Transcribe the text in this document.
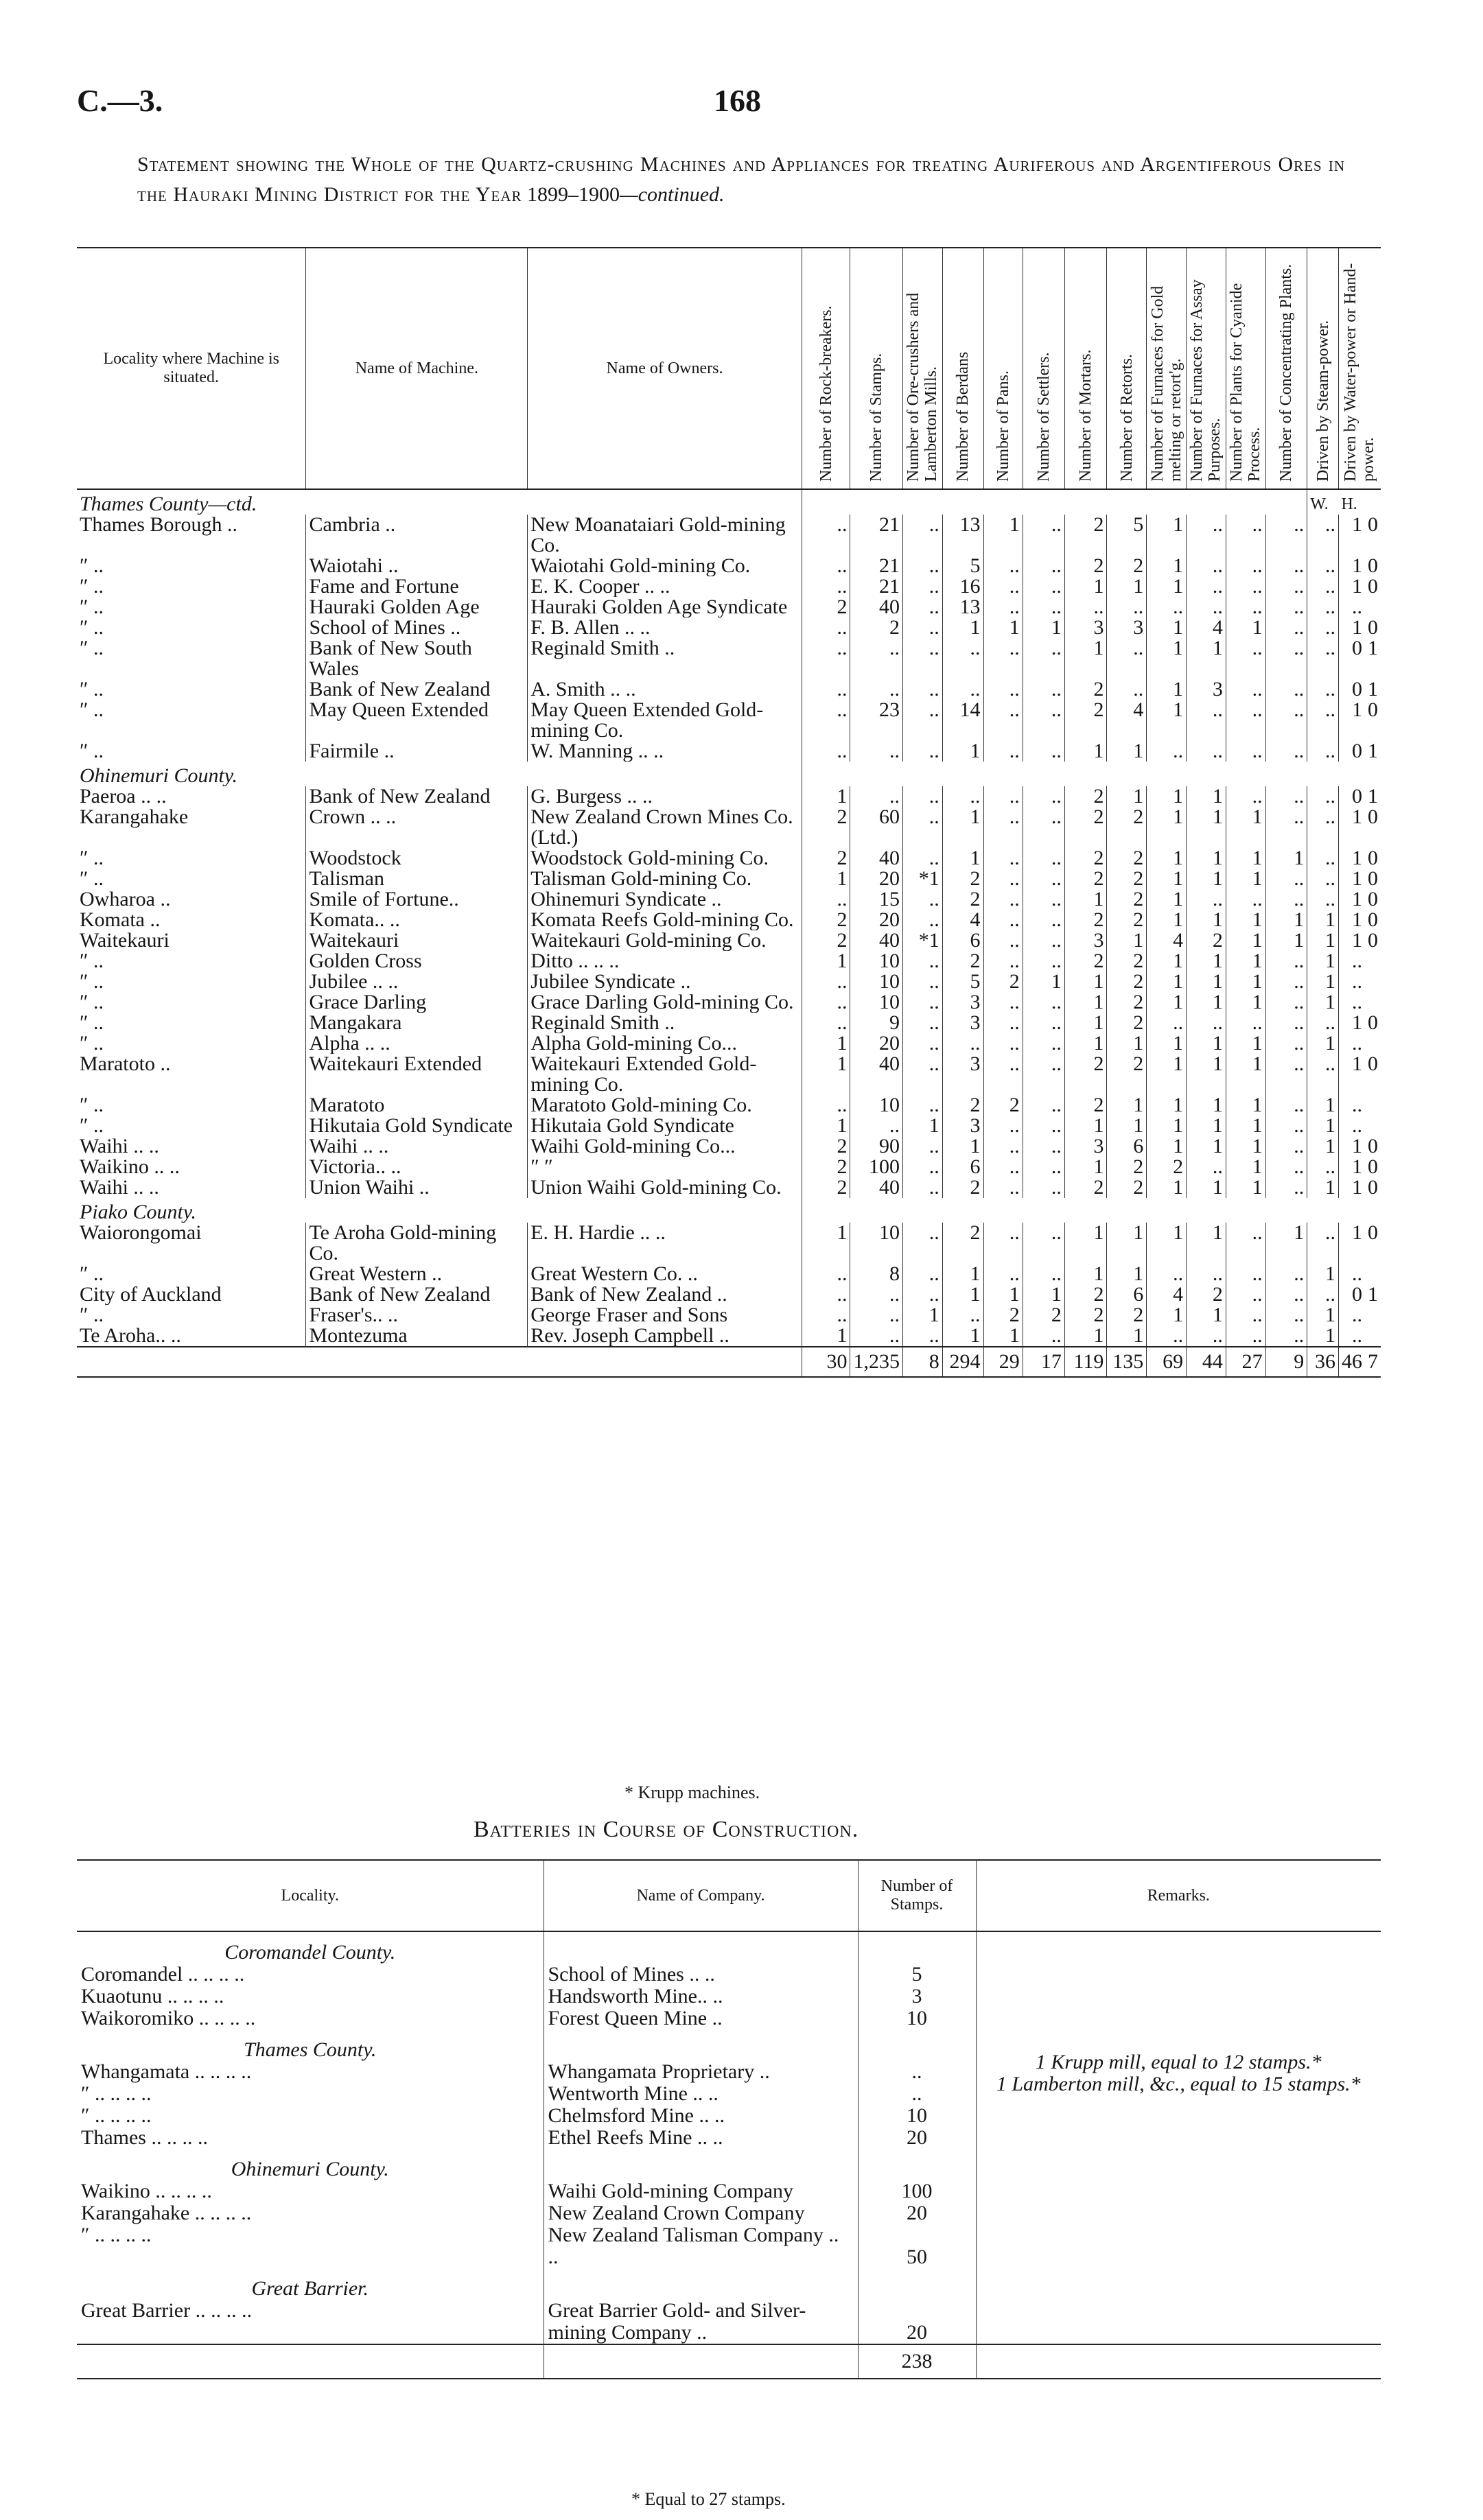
C.—3.	168
Statement showing the Whole of the Quartz-crushing Machines and Appliances for treating Auriferous and Argentiferous Ores in the Hauraki Mining District for the Year 1899–1900—continued.
Locality where Machine is situated.	Name of Machine.	Name of Owners.	Number of Rock-breakers.	Number of Stamps.	Number of Ore-crushers and Lamberton Mills.	Number of Berdans	Number of Pans.	Number of Settlers.	Number of Mortars.	Number of Retorts.	Number of Furnaces for Gold melting or retort'g.	Number of Furnaces for Assay Purposes.	Number of Plants for Cyanide Process.	Number of Concentrating Plants.	Driven by Steam-power.	Driven by Water-power or Hand-power.	

Thames County—ctd.															W.	H.	
Thames Borough ..	Cambria ..	New Moanataiari Gold-mining Co.	..	21	..	13	1	..	2	5	1	..	..	..	..	1	0
″ ..	Waiotahi ..	Waiotahi Gold-mining Co.	..	21	..	5	..	..	2	2	1	..	..	..	..	1	0
″ ..	Fame and Fortune	E. K. Cooper .. ..	..	21	..	16	..	..	1	1	1	..	..	..	..	1	0
″ ..	Hauraki Golden Age	Hauraki Golden Age Syndicate	2	40	..	13	..	..	..	..	..	..	..	..	..	..	
″ ..	School of Mines ..	F. B. Allen .. ..	..	2	..	1	1	1	3	3	1	4	1	..	..	1	0
″ ..	Bank of New South Wales	Reginald Smith ..	..	..	..	..	..	..	1	..	1	1	..	..	..	0	1
″ ..	Bank of New Zealand	A. Smith .. ..	..	..	..	..	..	..	2	..	1	3	..	..	..	0	1
″ ..	May Queen Extended	May Queen Extended Gold-mining Co.	..	23	..	14	..	..	2	4	1	..	..	..	..	1	0
″ ..	Fairmile ..	W. Manning .. ..	..	..	..	1	..	..	1	1	..	..	..	..	..	0	1
Ohinemuri County.																	
Paeroa .. ..	Bank of New Zealand	G. Burgess .. ..	1	..	..	..	..	..	2	1	1	1	..	..	..	0	1
Karangahake	Crown .. ..	New Zealand Crown Mines Co. (Ltd.)	2	60	..	1	..	..	2	2	1	1	1	..	..	1	0
″ ..	Woodstock	Woodstock Gold-mining Co.	2	40	..	1	..	..	2	2	1	1	1	1	..	1	0
″ ..	Talisman	Talisman Gold-mining Co.	1	20	*1	2	..	..	2	2	1	1	1	..	..	1	0
Owharoa ..	Smile of Fortune..	Ohinemuri Syndicate ..	..	15	..	2	..	..	1	2	1	..	..	..	..	1	0
Komata ..	Komata.. ..	Komata Reefs Gold-mining Co.	2	20	..	4	..	..	2	2	1	1	1	1	1	1	0
Waitekauri	Waitekauri	Waitekauri Gold-mining Co.	2	40	*1	6	..	..	3	1	4	2	1	1	1	1	0
″ ..	Golden Cross	Ditto .. .. ..	1	10	..	2	..	..	2	2	1	1	1	..	1	..	
″ ..	Jubilee .. ..	Jubilee Syndicate ..	..	10	..	5	2	1	1	2	1	1	1	..	1	..	
″ ..	Grace Darling	Grace Darling Gold-mining Co.	..	10	..	3	..	..	1	2	1	1	1	..	1	..	
″ ..	Mangakara	Reginald Smith ..	..	9	..	3	..	..	1	2	..	..	..	..	..	1	0
″ ..	Alpha .. ..	Alpha Gold-mining Co...	1	20	..	..	..	..	1	1	1	1	1	..	1	..	
Maratoto ..	Waitekauri Extended	Waitekauri Extended Gold-mining Co.	1	40	..	3	..	..	2	2	1	1	1	..	..	1	0
″ ..	Maratoto	Maratoto Gold-mining Co.	..	10	..	2	2	..	2	1	1	1	1	..	1	..	
″ ..	Hikutaia Gold Syndicate	Hikutaia Gold Syndicate	1	..	1	3	..	..	1	1	1	1	1	..	1	..	
Waihi .. ..	Waihi .. ..	Waihi Gold-mining Co...	2	90	..	1	..	..	3	6	1	1	1	..	1	1	0
Waikino .. ..	Victoria.. ..	″ ″	2	100	..	6	..	..	1	2	2	..	1	..	..	1	0
Waihi .. ..	Union Waihi ..	Union Waihi Gold-mining Co.	2	40	..	2	..	..	2	2	1	1	1	..	1	1	0
Piako County.																	
Waiorongomai	Te Aroha Gold-mining Co.	E. H. Hardie .. ..	1	10	..	2	..	..	1	1	1	1	..	1	..	1	0
″ ..	Great Western ..	Great Western Co. ..	..	8	..	1	..	..	1	1	..	..	..	..	1	..	
City of Auckland	Bank of New Zealand	Bank of New Zealand ..	..	..	..	1	1	1	2	6	4	2	..	..	..	0	1
″ ..	Fraser's.. ..	George Fraser and Sons	..	..	1	..	2	2	2	2	1	1	..	..	1	..	
Te Aroha.. ..	Montezuma	Rev. Joseph Campbell ..	1	..	..	1	1	..	1	1	..	..	..	..	1	..	
			30	1,235	8	294	29	17	119	135	69	44	27	9	36	46	7
* Krupp machines.
Batteries in Course of Construction.
Locality.	Name of Company.	Number of Stamps.	Remarks.
Coromandel County.			1 Krupp mill, equal to 12 stamps.*
1 Lamberton mill, &c., equal to 15 stamps.*

Coromandel .. .. .. ..	School of Mines .. ..	5	
Kuaotunu .. .. .. ..	Handsworth Mine.. ..	3	
Waikoromiko .. .. .. ..	Forest Queen Mine ..	10	
Thames County.			
Whangamata .. .. .. ..	Whangamata Proprietary ..	..	
″ .. .. .. ..	Wentworth Mine .. ..	..	
″ .. .. .. ..	Chelmsford Mine .. ..	10	
Thames .. .. .. ..	Ethel Reefs Mine .. ..	20	
Ohinemuri County.			
Waikino .. .. .. ..	Waihi Gold-mining Company	100	
Karangahake .. .. .. ..	New Zealand Crown Company	20	
″ .. .. .. ..	New Zealand Talisman Company .. ..	50	
Great Barrier.			
Great Barrier .. .. .. ..	Great Barrier Gold- and Silver-mining Company ..	20	
		238	
* Equal to 27 stamps.
